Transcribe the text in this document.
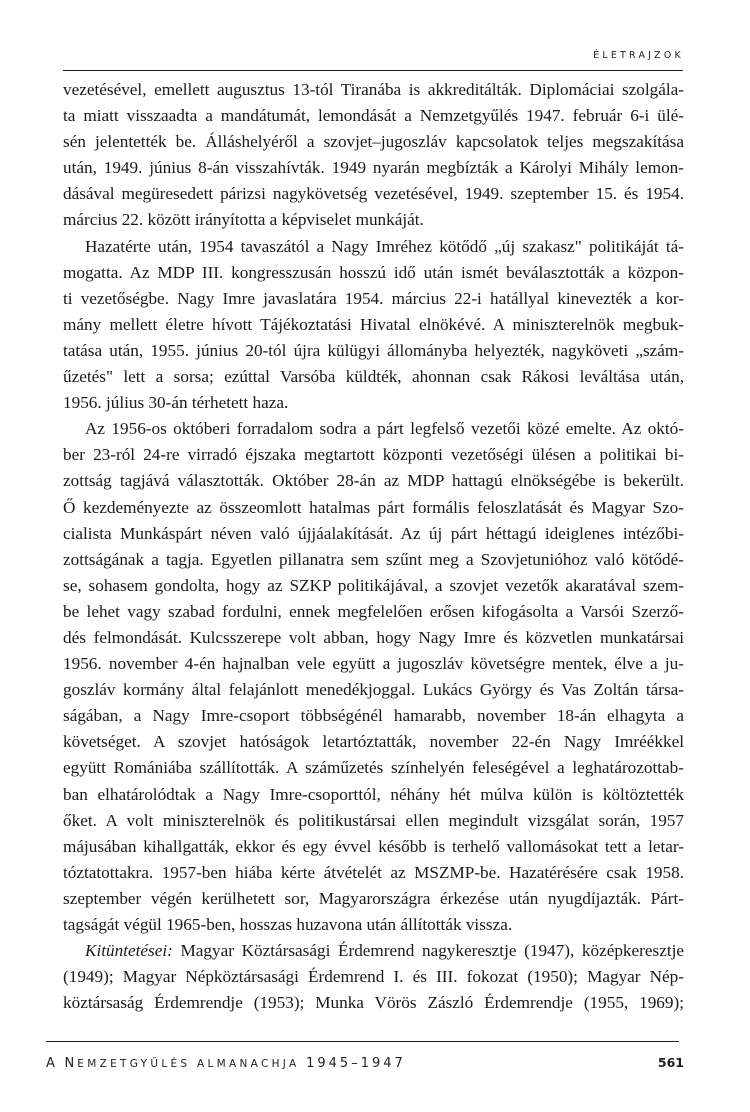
ÉLETRAJZOK
vezetésével, emellett augusztus 13-tól Tiranába is akkreditálták. Diplomáciai szolgála-
ta miatt visszaadta a mandátumát, lemondását a Nemzetgyűlés 1947. február 6-i ülé-
sén jelentették be. Álláshelyéről a szovjet–jugoszláv kapcsolatok teljes megszakítása
után, 1949. június 8-án visszahívták. 1949 nyarán megbízták a Károlyi Mihály lemon-
dásával megüresedett párizsi nagykövetség vezetésével, 1949. szeptember 15. és 1954.
március 22. között irányította a képviselet munkáját.
Hazatérte után, 1954 tavaszától a Nagy Imréhez kötődő „új szakasz" politikáját tá-
mogatta. Az MDP III. kongresszusán hosszú idő után ismét beválasztották a közpon-
ti vezetőségbe. Nagy Imre javaslatára 1954. március 22-i hatállyal kinevezték a kor-
mány mellett életre hívott Tájékoztatási Hivatal elnökévé. A miniszterelnök megbuk-
tatása után, 1955. június 20-tól újra külügyi állományba helyezték, nagyköveti „szám-
űzetés" lett a sorsa; ezúttal Varsóba küldték, ahonnan csak Rákosi leváltása után,
1956. július 30-án térhetett haza.
Az 1956-os októberi forradalom sodra a párt legfelső vezetői közé emelte. Az októ-
ber 23-ról 24-re virradó éjszaka megtartott központi vezetőségi ülésen a politikai bi-
zottság tagjává választották. Október 28-án az MDP hattagú elnökségébe is bekerült.
Ő kezdeményezte az összeomlott hatalmas párt formális feloszlatását és Magyar Szo-
cialista Munkáspárt néven való újjáalakítását. Az új párt héttagú ideiglenes intézőbi-
zottságának a tagja. Egyetlen pillanatra sem szűnt meg a Szovjetunióhoz való kötődé-
se, sohasem gondolta, hogy az SZKP politikájával, a szovjet vezetők akaratával szem-
be lehet vagy szabad fordulni, ennek megfelelően erősen kifogásolta a Varsói Szerző-
dés felmondását. Kulcsszerepe volt abban, hogy Nagy Imre és közvetlen munkatársai
1956. november 4-én hajnalban vele együtt a jugoszláv követségre mentek, élve a ju-
goszláv kormány által felajánlott menedékjoggal. Lukács György és Vas Zoltán társa-
ságában, a Nagy Imre-csoport többségénél hamarabb, november 18-án elhagyta a
követséget. A szovjet hatóságok letartóztatták, november 22-én Nagy Imréékkel
együtt Romániába szállították. A száműzetés színhelyén feleségével a leghatározottab-
ban elhatárolódtak a Nagy Imre-csoporttól, néhány hét múlva külön is költöztették
őket. A volt miniszterelnök és politikustársai ellen megindult vizsgálat során, 1957
májusában kihallgatták, ekkor és egy évvel később is terhelő vallomásokat tett a letar-
tóztatottakra. 1957-ben hiába kérte átvételét az MSZMP-be. Hazatérésére csak 1958.
szeptember végén kerülhetett sor, Magyarországra érkezése után nyugdíjazták. Párt-
tagságát végül 1965-ben, hosszas huzavona után állították vissza.
Kitüntetései: Magyar Köztársasági Érdemrend nagykeresztje (1947), középkeresztje
(1949); Magyar Népköztársasági Érdemrend I. és III. fokozat (1950); Magyar Nép-
köztársaság Érdemrendje (1953); Munka Vörös Zászló Érdemrendje (1955, 1969);
A NEMZETGYŰLÉS ALMANACHJA 1945–1947	561
